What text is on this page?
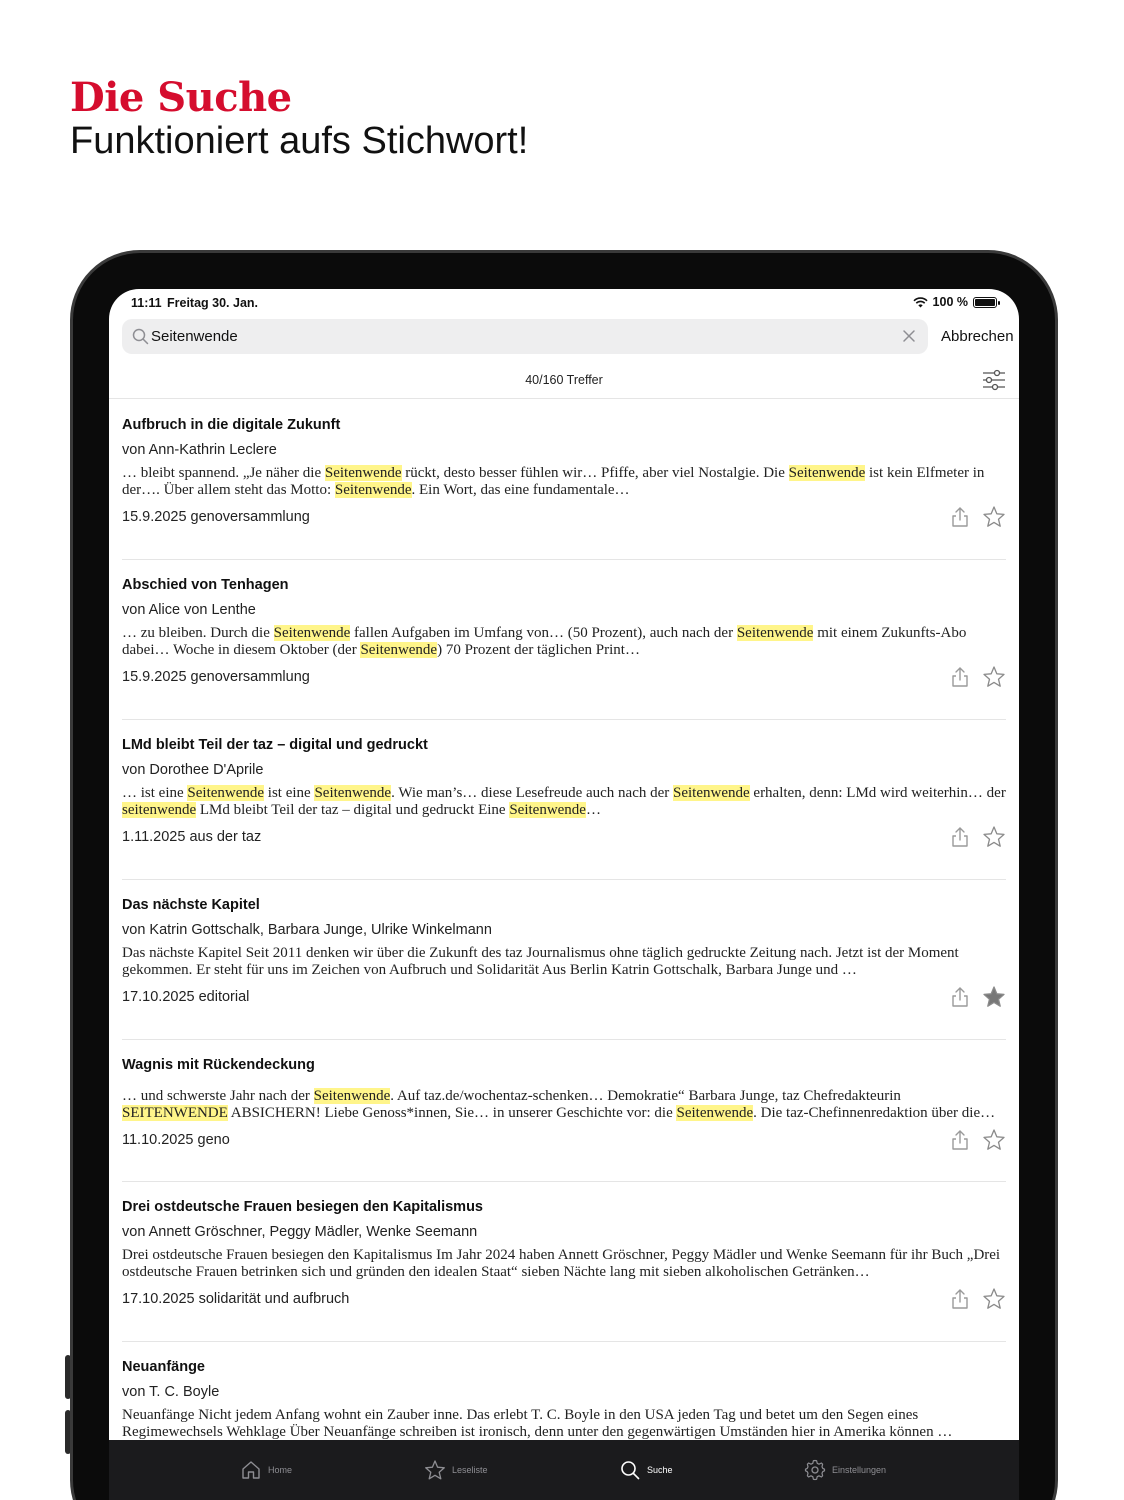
Die Suche
Funktioniert aufs Stichwort!
11:11 Freitag 30. Jan.	100 %
Seitenwende
Abbrechen
40/160 Treffer
Aufbruch in die digitale Zukunft
von Ann-Kathrin Leclere
… bleibt spannend. „Je näher die Seitenwende rückt, desto besser fühlen wir… Pfiffe, aber viel Nostalgie. Die Seitenwende ist kein Elfmeter in der…. Über allem steht das Motto: Seitenwende. Ein Wort, das eine fundamentale…
15.9.2025 genoversammlung
Abschied von Tenhagen
von Alice von Lenthe
… zu bleiben. Durch die Seitenwende fallen Aufgaben im Umfang von… (50 Prozent), auch nach der Seitenwende mit einem Zukunfts-Abo dabei… Woche in diesem Oktober (der Seitenwende) 70 Prozent der täglichen Print…
15.9.2025 genoversammlung
LMd bleibt Teil der taz – digital und gedruckt
von Dorothee D'Aprile
… ist eine Seitenwende ist eine Seitenwende. Wie man’s… diese Lesefreude auch nach der Seitenwende erhalten, denn: LMd wird weiterhin… der seitenwende LMd bleibt Teil der taz – digital und gedruckt Eine Seitenwende…
1.11.2025 aus der taz
Das nächste Kapitel
von Katrin Gottschalk, Barbara Junge, Ulrike Winkelmann
Das nächste Kapitel Seit 2011 denken wir über die Zukunft des taz Journalismus ohne täglich gedruckte Zeitung nach. Jetzt ist der Moment gekommen. Er steht für uns im Zeichen von Aufbruch und Solidarität Aus Berlin Katrin Gottschalk, Barbara Junge und …
17.10.2025 editorial
Wagnis mit Rückendeckung
… und schwerste Jahr nach der Seitenwende. Auf taz.de/wochentaz-schenken… Demokratie“ Barbara Junge, taz Chefredakteurin SEITENWENDE ABSICHERN! Liebe Genoss*innen, Sie… in unserer Geschichte vor: die Seitenwende. Die taz-Chefinnenredaktion über die…
11.10.2025 geno
Drei ostdeutsche Frauen besiegen den Kapitalismus
von Annett Gröschner, Peggy Mädler, Wenke Seemann
Drei ostdeutsche Frauen besiegen den Kapitalismus Im Jahr 2024 haben Annett Gröschner, Peggy Mädler und Wenke Seemann für ihr Buch „Drei ostdeutsche Frauen betrinken sich und gründen den idealen Staat“ sieben Nächte lang mit sieben alkoholischen Getränken…
17.10.2025 solidarität und aufbruch
Neuanfänge
von T. C. Boyle
Neuanfänge Nicht jedem Anfang wohnt ein Zauber inne. Das erlebt T. C. Boyle in den USA jeden Tag und betet um den Segen eines Regimewechsels Wehklage Über Neuanfänge schreiben ist ironisch, denn unter den gegenwärtigen Umständen hier in Amerika können …
Home	Leseliste	Suche	Einstellungen
